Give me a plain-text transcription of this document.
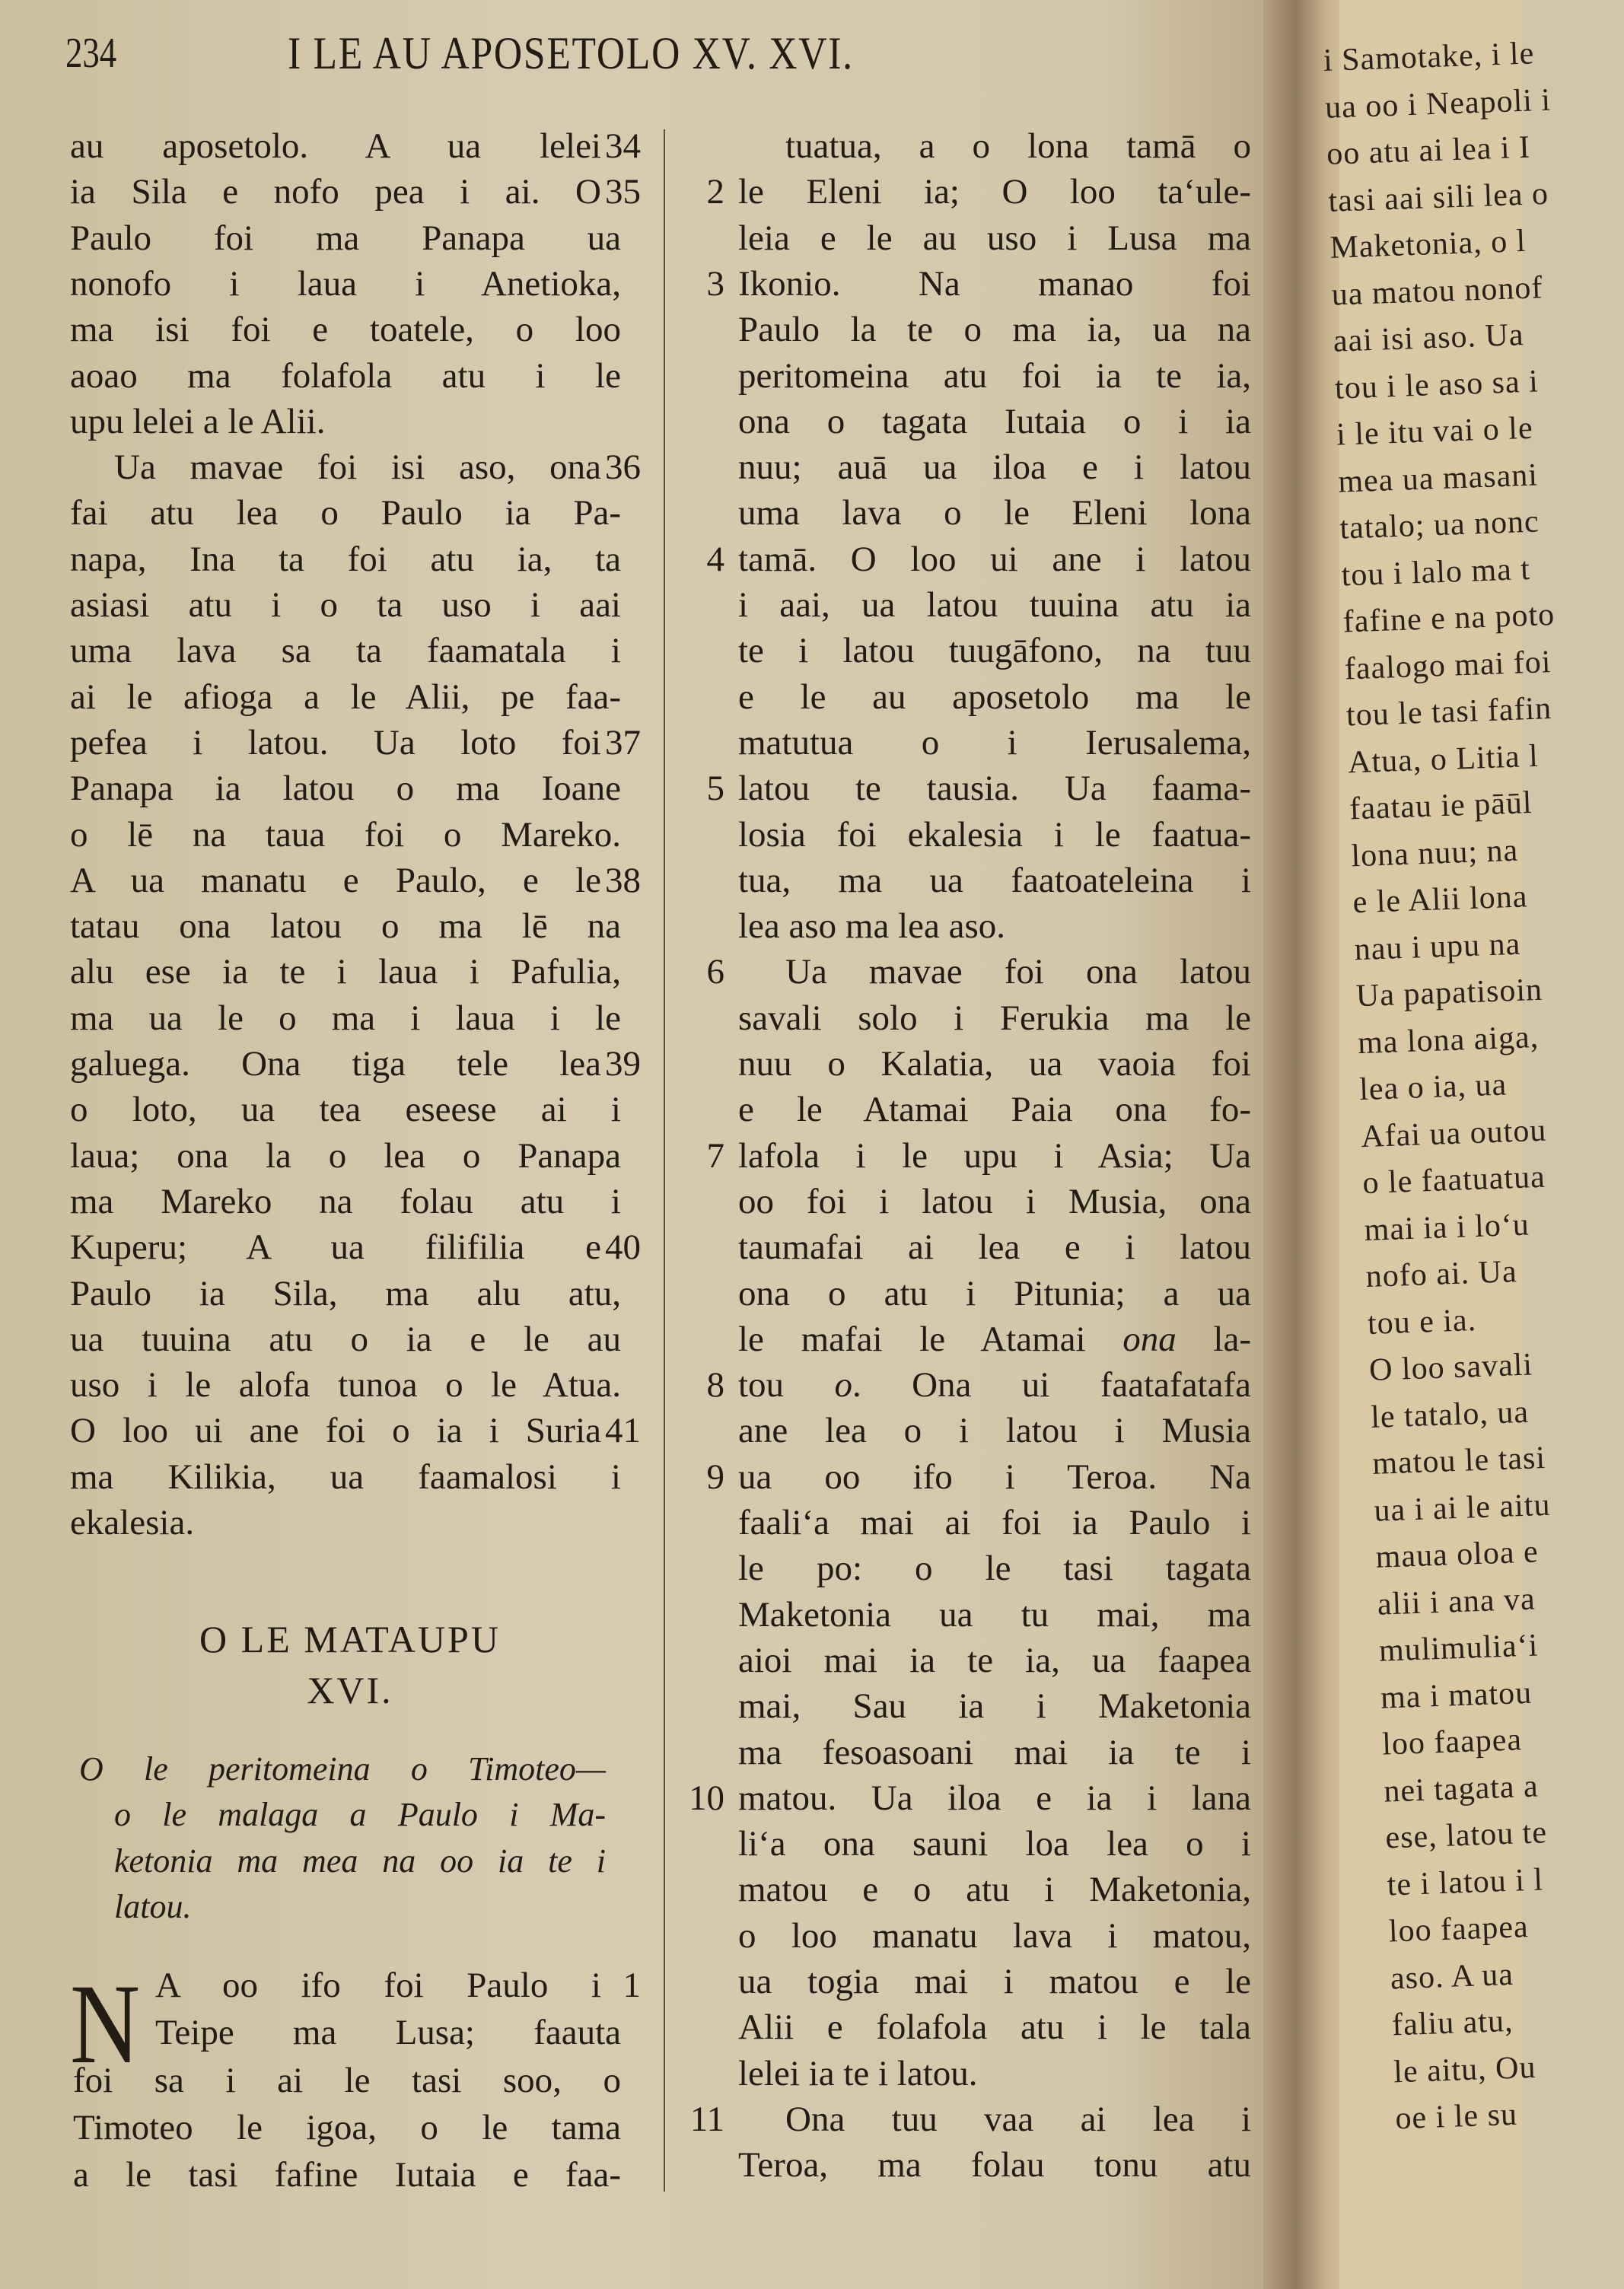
234	I LE AU APOSETOLO XV. XVI.
au aposetolo. A ua lelei 34
ia Sila e nofo pea i ai. O 35
Paulo foi ma Panapa ua
nonofo i laua i Anetioka,
ma isi foi e toatele, o loo
aoao ma folafola atu i le
upu lelei a le Alii.
Ua mavae foi isi aso, ona 36
fai atu lea o Paulo ia Pa-
napa, Ina ta foi atu ia, ta
asiasi atu i o ta uso i aai
uma lava sa ta faamatala i
ai le afioga a le Alii, pe faa-
pefea i latou. Ua loto foi 37
Panapa ia latou o ma Ioane
o lē na taua foi o Mareko.
A ua manatu e Paulo, e le 38
tatau ona latou o ma lē na
alu ese ia te i laua i Pafulia,
ma ua le o ma i laua i le
galuega. Ona tiga tele lea 39
o loto, ua tea eseese ai i
laua; ona la o lea o Panapa
ma Mareko na folau atu i
Kuperu; A ua filifilia e 40
Paulo ia Sila, ma alu atu,
ua tuuina atu o ia e le au
uso i le alofa tunoa o le Atua.
O loo ui ane foi o ia i Suria 41
ma Kilikia, ua faamalosi i
ekalesia.
tuatua, a o lona tamā o
le Eleni ia; O loo ta‘ule-
2
leia e le au uso i Lusa ma
Ikonio. Na manao foi
3
Paulo la te o ma ia, ua na
peritomeina atu foi ia te ia,
ona o tagata Iutaia o i ia
nuu; auā ua iloa e i latou
uma lava o le Eleni lona
tamā. O loo ui ane i latou
4
i aai, ua latou tuuina atu ia
te i latou tuugāfono, na tuu
e le au aposetolo ma le
matutua o i Ierusalema,
latou te tausia. Ua faama-
5
losia foi ekalesia i le faatua-
tua, ma ua faatoateleina i
lea aso ma lea aso.
Ua mavae foi ona latou
6
savali solo i Ferukia ma le
nuu o Kalatia, ua vaoia foi
e le Atamai Paia ona fo-
lafola i le upu i Asia; Ua
7
oo foi i latou i Musia, ona
taumafai ai lea e i latou
ona o atu i Pitunia; a ua
le mafai le Atamai ona la-
tou o. Ona ui faatafatafa
8
ane lea o i latou i Musia
ua oo ifo i Teroa. Na
9
faali‘a mai ai foi ia Paulo i
le po: o le tasi tagata
Maketonia ua tu mai, ma
aioi mai ia te ia, ua faapea
mai, Sau ia i Maketonia
ma fesoasoani mai ia te i
matou. Ua iloa e ia i lana
10
li‘a ona sauni loa lea o i
matou e o atu i Maketonia,
o loo manatu lava i matou,
ua togia mai i matou e le
Alii e folafola atu i le tala
lelei ia te i latou.
Ona tuu vaa ai lea i
11
Teroa, ma folau tonu atu
O LE MATAUPU
XVI.
O le peritomeina o Timoteo—
o le malaga a Paulo i Ma-
ketonia ma mea na oo ia te i
latou.
N A oo ifo foi Paulo i 1
Teipe ma Lusa; faauta
foi sa i ai le tasi soo, o
Timoteo le igoa, o le tama
a le tasi fafine Iutaia e faa-
i Samotake, i le
ua oo i Neapoli i
oo atu ai lea i I
tasi aai sili lea o
Maketonia, o l
ua matou nonof
aai isi aso. Ua
tou i le aso sa i
i le itu vai o le
mea ua masani
tatalo; ua nonc
tou i lalo ma t
fafine e na poto
faalogo mai foi
tou le tasi fafin
Atua, o Litia l
faatau ie pāūl
lona nuu; na
e le Alii lona
nau i upu na
Ua papatisoin
ma lona aiga,
lea o ia, ua
Afai ua outou
o le faatuatua
mai ia i lo‘u
nofo ai. Ua
tou e ia.
O loo savali
le tatalo, ua
matou le tasi
ua i ai le aitu
maua oloa e
alii i ana va
mulimulia‘i
ma i matou
loo faapea
nei tagata a
ese, latou te
te i latou i l
loo faapea
aso. A ua
faliu atu,
le aitu, Ou
oe i le su
